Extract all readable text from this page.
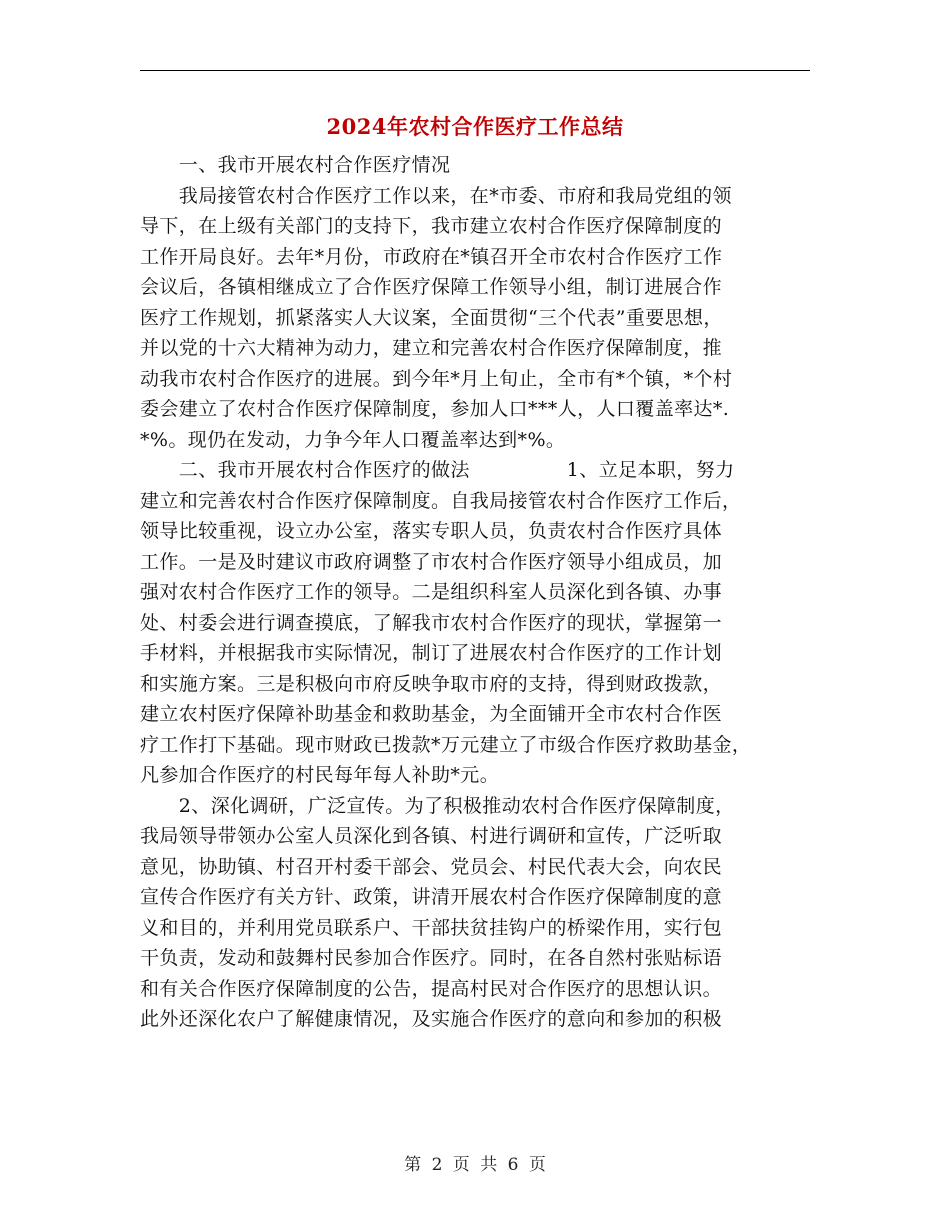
2024年农村合作医疗工作总结
　　一、我市开展农村合作医疗情况
　　我局接管农村合作医疗工作以来，在*市委、市府和我局党组的领
导下，在上级有关部门的支持下，我市建立农村合作医疗保障制度的
工作开局良好。去年*月份，市政府在*镇召开全市农村合作医疗工作
会议后，各镇相继成立了合作医疗保障工作领导小组，制订进展合作
医疗工作规划，抓紧落实人大议案，全面贯彻“三个代表”重要思想，
并以党的十六大精神为动力，建立和完善农村合作医疗保障制度，推
动我市农村合作医疗的进展。到今年*月上旬止，全市有*个镇，*个村
委会建立了农村合作医疗保障制度，参加人口***人，人口覆盖率达*.
*%。现仍在发动，力争今年人口覆盖率达到*%。
　　二、我市开展农村合作医疗的做法　　　　　1、立足本职，努力
建立和完善农村合作医疗保障制度。自我局接管农村合作医疗工作后，
领导比较重视，设立办公室，落实专职人员，负责农村合作医疗具体
工作。一是及时建议市政府调整了市农村合作医疗领导小组成员，加
强对农村合作医疗工作的领导。二是组织科室人员深化到各镇、办事
处、村委会进行调查摸底，了解我市农村合作医疗的现状，掌握第一
手材料，并根据我市实际情况，制订了进展农村合作医疗的工作计划
和实施方案。三是积极向市府反映争取市府的支持，得到财政拨款，
建立农村医疗保障补助基金和救助基金，为全面铺开全市农村合作医
疗工作打下基础。现市财政已拨款*万元建立了市级合作医疗救助基金，
凡参加合作医疗的村民每年每人补助*元。
　　2、深化调研，广泛宣传。为了积极推动农村合作医疗保障制度，
我局领导带领办公室人员深化到各镇、村进行调研和宣传，广泛听取
意见，协助镇、村召开村委干部会、党员会、村民代表大会，向农民
宣传合作医疗有关方针、政策，讲清开展农村合作医疗保障制度的意
义和目的，并利用党员联系户、干部扶贫挂钩户的桥梁作用，实行包
干负责，发动和鼓舞村民参加合作医疗。同时，在各自然村张贴标语
和有关合作医疗保障制度的公告，提高村民对合作医疗的思想认识。
此外还深化农户了解健康情况，及实施合作医疗的意向和参加的积极
第 2 页 共 6 页
